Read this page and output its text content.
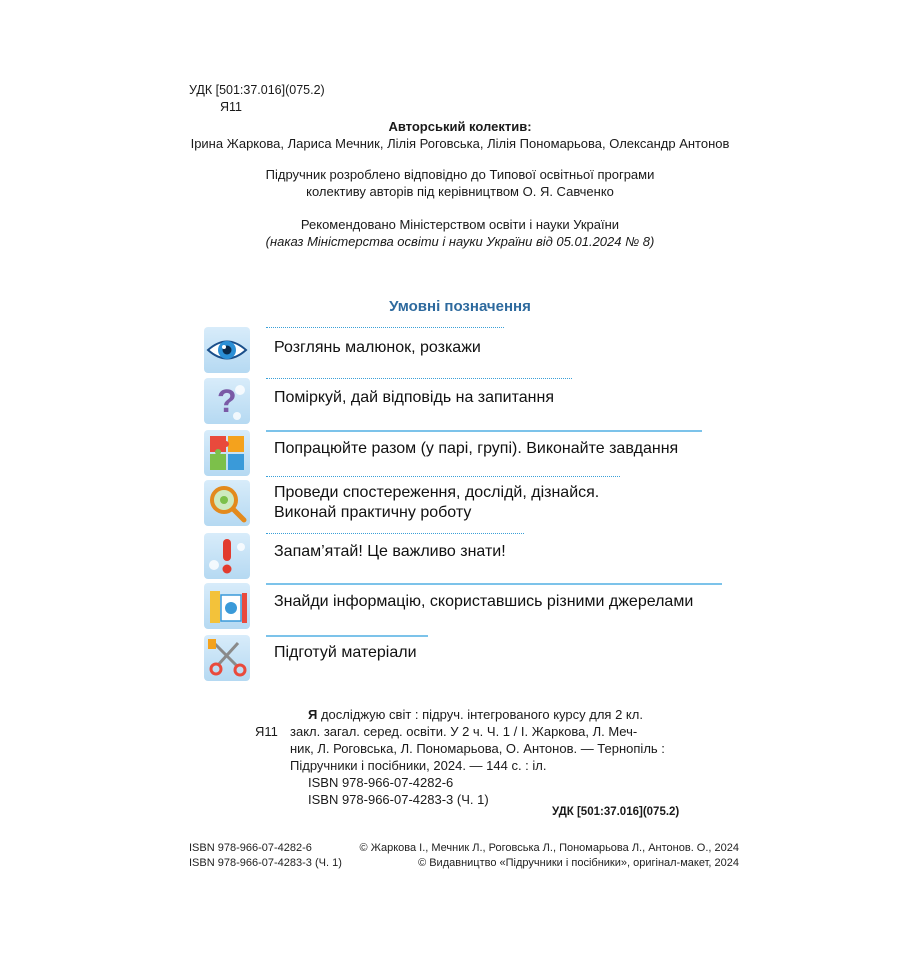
УДК [501:37.016](075.2)
Я11
Авторський колектив:
Ірина Жаркова, Лариса Мечник, Лілія Роговська, Лілія Пономарьова, Олександр Антонов
Підручник розроблено відповідно до Типової освітньої програми
колективу авторів під керівництвом О. Я. Савченко
Рекомендовано Міністерством освіти і науки України
(наказ Міністерства освіти і науки України від 05.01.2024 № 8)
Умовні позначення
Розглянь малюнок, розкажи
? Поміркуй, дай відповідь на запитання
Попрацюйте разом (у парі, групі). Виконайте завдання
Проведи спостереження, дослідй, дізнайся.
Виконай практичну роботу
Запам’ятай! Це важливо знати!
Знайди інформацію, скориставшись різними джерелами
Підготуй матеріали
Я досліджую світ : підруч. інтегрованого курсу для 2 кл.
Я11 закл. загал. серед. освіти. У 2 ч. Ч. 1 / І. Жаркова, Л. Меч-
ник, Л. Роговська, Л. Пономарьова, О. Антонов. — Тернопіль :
Підручники і посібники, 2024. — 144 с. : іл.
ISBN 978-966-07-4282-6
ISBN 978-966-07-4283-3 (Ч. 1)
УДК [501:37.016](075.2)
ISBN 978-966-07-4282-6
ISBN 978-966-07-4283-3 (Ч. 1)
© Жаркова І., Мечник Л., Роговська Л., Пономарьова Л., Антонов. О., 2024
© Видавництво «Підручники і посібники», оригінал-макет, 2024
